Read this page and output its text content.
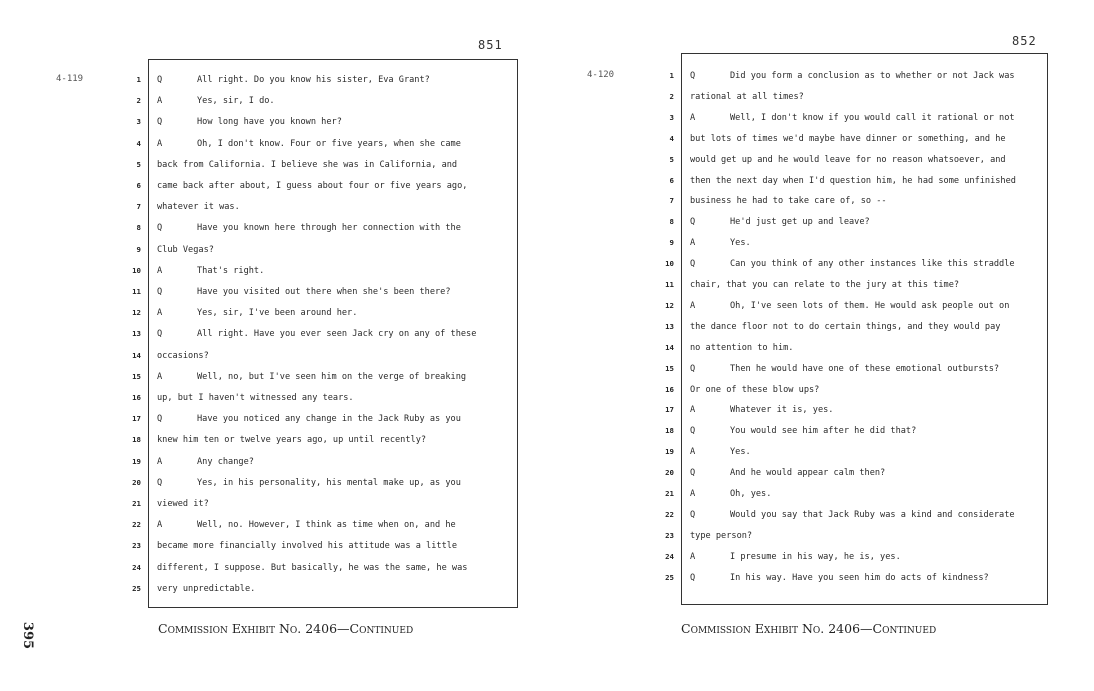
851
4-119	1 Q	All right. Do you know his sister, Eva Grant?
2 A	Yes, sir, I do.
3 Q	How long have you known her?
4 A	Oh, I don't know. Four or five years, when she came
5 back from California. I believe she was in California, and
6 came back after about, I guess about four or five years ago,
7 whatever it was.
8 Q	Have you known here through her connection with the
9 Club Vegas?
10 A	That's right.
11 Q	Have you visited out there when she's been there?
12 A	Yes, sir, I've been around her.
13 Q	All right. Have you ever seen Jack cry on any of these
14 occasions?
15 A	Well, no, but I've seen him on the verge of breaking
16 up, but I haven't witnessed any tears.
17 Q	Have you noticed any change in the Jack Ruby as you
18 knew him ten or twelve years ago, up until recently?
19 A	Any change?
20 Q	Yes, in his personality, his mental make up, as you
21 viewed it?
22 A	Well, no. However, I think as time when on, and he
23 became more financially involved his attitude was a little
24 different, I suppose. But basically, he was the same, he was
25 very unpredictable.
Commission Exhibit No. 2406—Continued
852
4-120	1 Q	Did you form a conclusion as to whether or not Jack was
2 rational at all times?
3 A	Well, I don't know if you would call it rational or not
4 but lots of times we'd maybe have dinner or something, and he
5 would get up and he would leave for no reason whatsoever, and
6 then the next day when I'd question him, he had some unfinished
7 business he had to take care of, so --
8 Q	He'd just get up and leave?
9 A	Yes.
10 Q	Can you think of any other instances like this straddle
11 chair, that you can relate to the jury at this time?
12 A	Oh, I've seen lots of them. He would ask people out on
13 the dance floor not to do certain things, and they would pay
14 no attention to him.
15 Q	Then he would have one of these emotional outbursts?
16 Or one of these blow ups?
17 A	Whatever it is, yes.
18 Q	You would see him after he did that?
19 A	Yes.
20 Q	And he would appear calm then?
21 A	Oh, yes.
22 Q	Would you say that Jack Ruby was a kind and considerate
23 type person?
24 A	I presume in his way, he is, yes.
25 Q	In his way. Have you seen him do acts of kindness?
Commission Exhibit No. 2406—Continued
395
